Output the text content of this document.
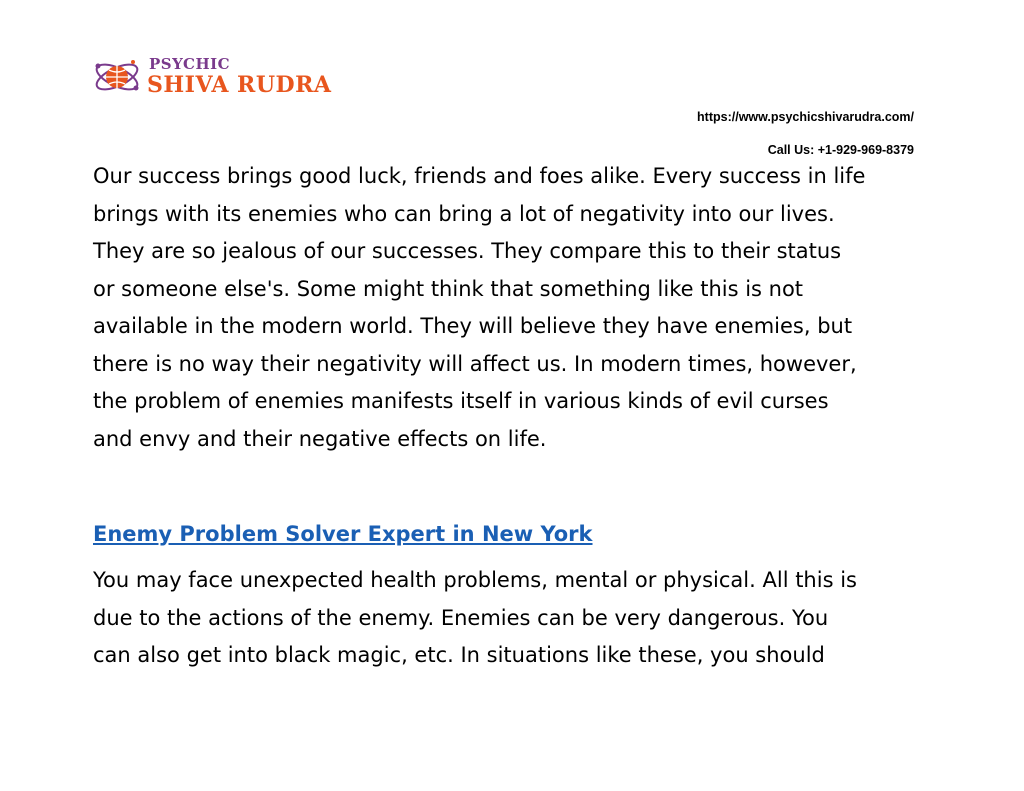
PSYCHIC
SHIVA RUDRA
https://www.psychicshivarudra.com/
Call Us: +1-929-969-8379

Our success brings good luck, friends and foes alike. Every success in life
brings with its enemies who can bring a lot of negativity into our lives.
They are so jealous of our successes. They compare this to their status
or someone else's. Some might think that something like this is not
available in the modern world. They will believe they have enemies, but
there is no way their negativity will affect us. In modern times, however,
the problem of enemies manifests itself in various kinds of evil curses
and envy and their negative effects on life.

Enemy Problem Solver Expert in New York

You may face unexpected health problems, mental or physical. All this is
due to the actions of the enemy. Enemies can be very dangerous. You
can also get into black magic, etc. In situations like these, you should
